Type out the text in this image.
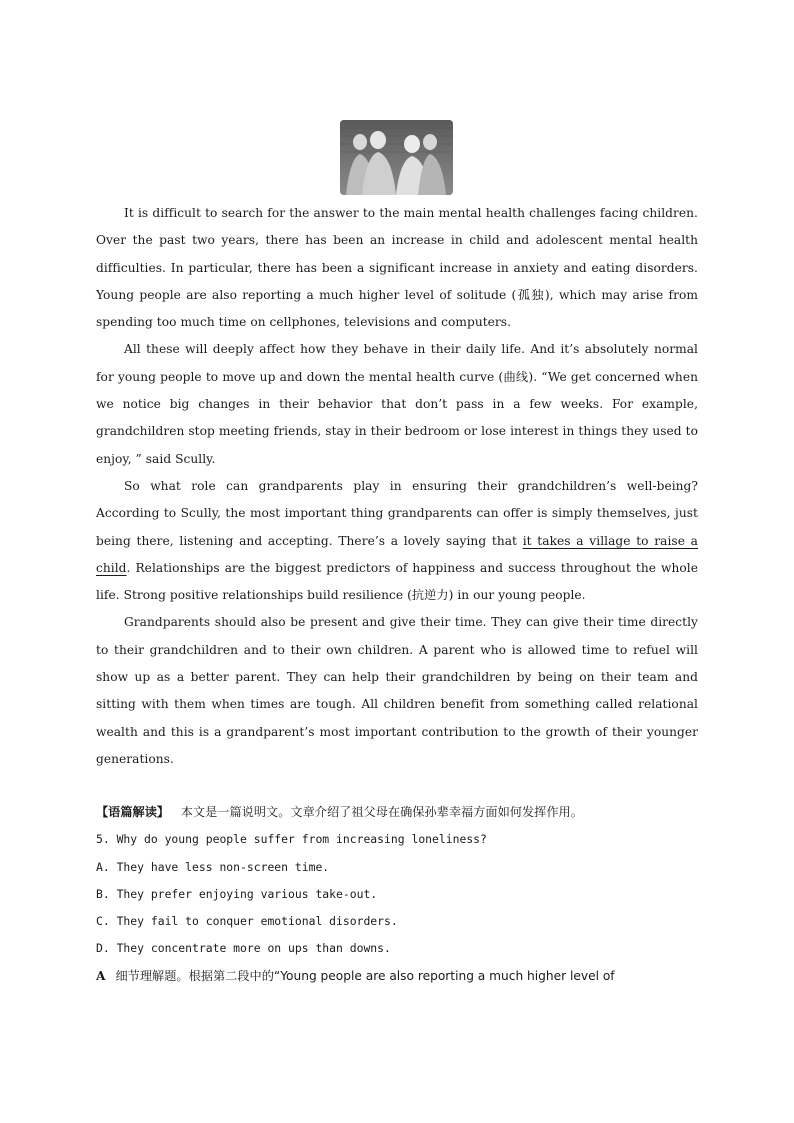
It is difficult to search for the answer to the main mental health challenges facing children. Over the past two years, there has been an increase in child and adolescent mental health difficulties. In particular, there has been a significant increase in anxiety and eating disorders. Young people are also reporting a much higher level of solitude (孤独), which may arise from spending too much time on cellphones, televisions and computers.

All these will deeply affect how they behave in their daily life. And it’s absolutely normal for young people to move up and down the mental health curve (曲线). “We get concerned when we notice big changes in their behavior that don’t pass in a few weeks. For example, grandchildren stop meeting friends, stay in their bedroom or lose interest in things they used to enjoy, ” said Scully.

So what role can grandparents play in ensuring their grandchildren’s well-being? According to Scully, the most important thing grandparents can offer is simply themselves, just being there, listening and accepting. There’s a lovely saying that it takes a village to raise a child. Relationships are the biggest predictors of happiness and success throughout the whole life. Strong positive relationships build resilience (抗逆力) in our young people.

Grandparents should also be present and give their time. They can give their time directly to their grandchildren and to their own children. A parent who is allowed time to refuel will show up as a better parent. They can help their grandchildren by being on their team and sitting with them when times are tough. All children benefit from something called relational wealth and this is a grandparent’s most important contribution to the growth of their younger generations.

【语篇解读】 本文是一篇说明文。文章介绍了祖父母在确保孙辈幸福方面如何发挥作用。

5. Why do young people suffer from increasing loneliness?

A. They have less non-screen time.

B. They prefer enjoying various take-out.

C. They fail to conquer emotional disorders.

D. They concentrate more on ups than downs.

A 细节理解题。根据第二段中的“Young people are also reporting a much higher level of
